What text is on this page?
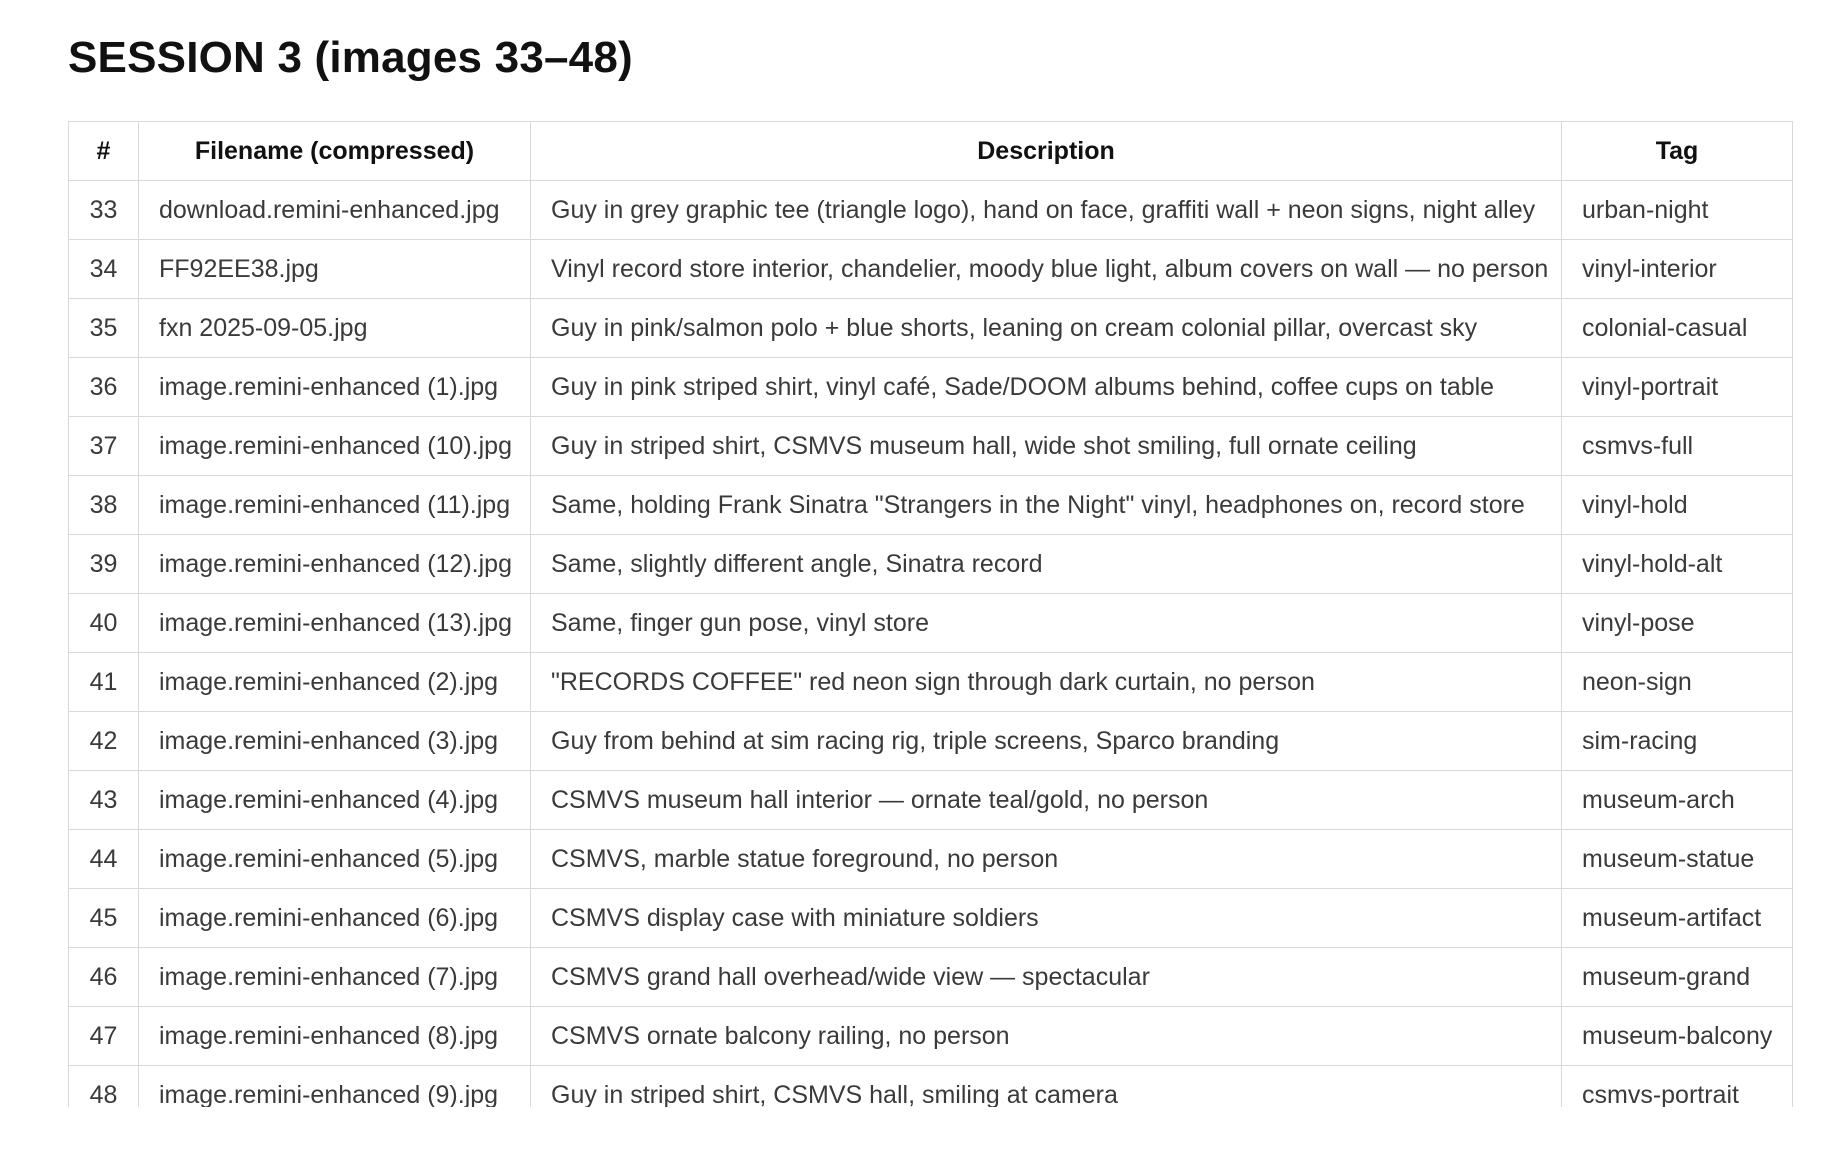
SESSION 3 (images 33–48)
#	Filename (compressed)	Description	Tag
33	download.remini-enhanced.jpg	Guy in grey graphic tee (triangle logo), hand on face, graffiti wall + neon signs, night alley	urban-night
34	FF92EE38.jpg	Vinyl record store interior, chandelier, moody blue light, album covers on wall — no person	vinyl-interior
35	fxn 2025-09-05.jpg	Guy in pink/salmon polo + blue shorts, leaning on cream colonial pillar, overcast sky	colonial-casual
36	image.remini-enhanced (1).jpg	Guy in pink striped shirt, vinyl café, Sade/DOOM albums behind, coffee cups on table	vinyl-portrait
37	image.remini-enhanced (10).jpg	Guy in striped shirt, CSMVS museum hall, wide shot smiling, full ornate ceiling	csmvs-full
38	image.remini-enhanced (11).jpg	Same, holding Frank Sinatra "Strangers in the Night" vinyl, headphones on, record store	vinyl-hold
39	image.remini-enhanced (12).jpg	Same, slightly different angle, Sinatra record	vinyl-hold-alt
40	image.remini-enhanced (13).jpg	Same, finger gun pose, vinyl store	vinyl-pose
41	image.remini-enhanced (2).jpg	"RECORDS COFFEE" red neon sign through dark curtain, no person	neon-sign
42	image.remini-enhanced (3).jpg	Guy from behind at sim racing rig, triple screens, Sparco branding	sim-racing
43	image.remini-enhanced (4).jpg	CSMVS museum hall interior — ornate teal/gold, no person	museum-arch
44	image.remini-enhanced (5).jpg	CSMVS, marble statue foreground, no person	museum-statue
45	image.remini-enhanced (6).jpg	CSMVS display case with miniature soldiers	museum-artifact
46	image.remini-enhanced (7).jpg	CSMVS grand hall overhead/wide view — spectacular	museum-grand
47	image.remini-enhanced (8).jpg	CSMVS ornate balcony railing, no person	museum-balcony
48	image.remini-enhanced (9).jpg	Guy in striped shirt, CSMVS hall, smiling at camera	csmvs-portrait
